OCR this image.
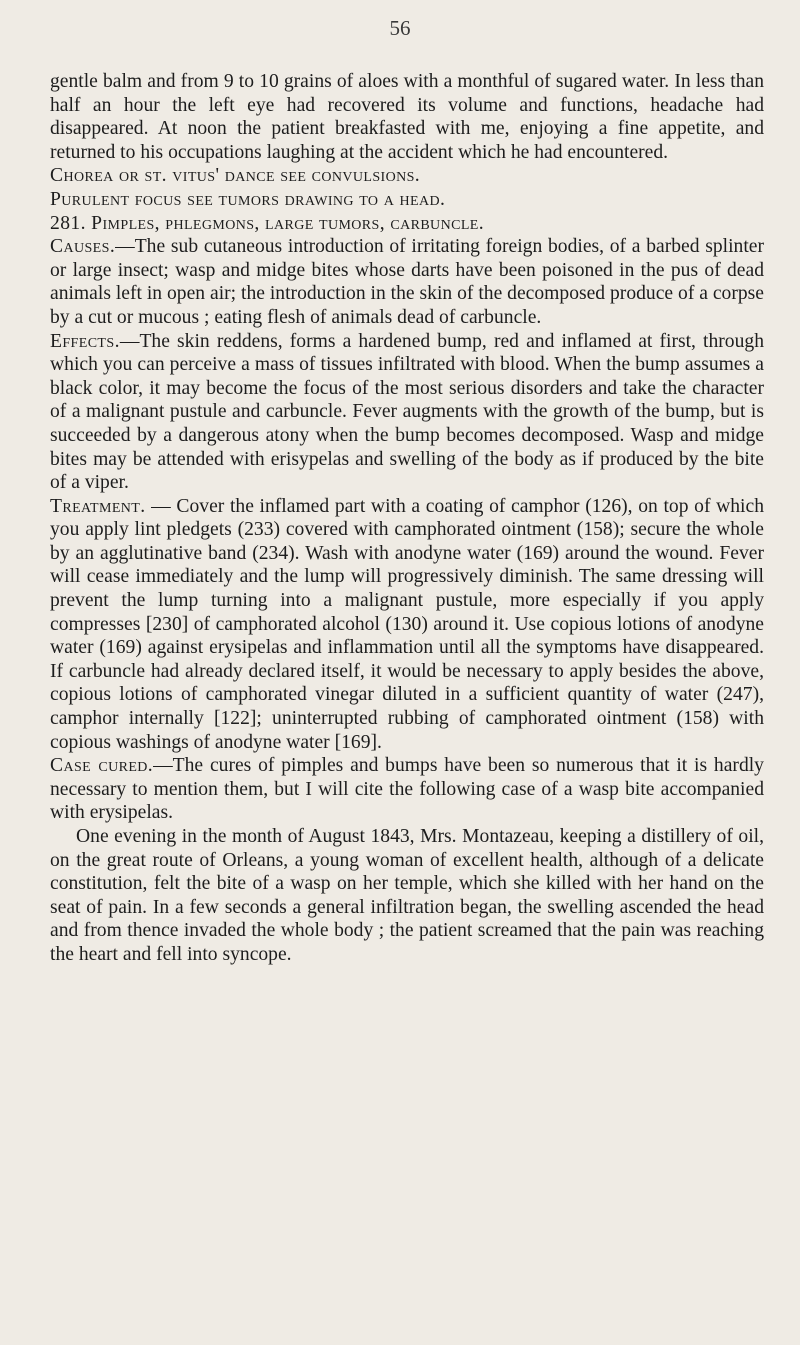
56

gentle balm and from 9 to 10 grains of aloes with a monthful of sugared water. In less than half an hour the left eye had recovered its volume and functions, headache had disappeared. At noon the patient breakfasted with me, enjoying a fine appetite, and returned to his occupations laughing at the accident which he had encountered.

Chorea or st. vitus' dance see convulsions.

Purulent focus see tumors drawing to a head.

281. Pimples, phlegmons, large tumors, carbuncle.

Causes.—The sub cutaneous introduction of irritating foreign bodies, of a barbed splinter or large insect; wasp and midge bites whose darts have been poisoned in the pus of dead animals left in open air; the introduction in the skin of the decomposed produce of a corpse by a cut or mucous ; eating flesh of animals dead of carbuncle.

Effects.—The skin reddens, forms a hardened bump, red and inflamed at first, through which you can perceive a mass of tissues infiltrated with blood. When the bump assumes a black color, it may become the focus of the most serious disorders and take the character of a malignant pustule and carbuncle. Fever augments with the growth of the bump, but is succeeded by a dangerous atony when the bump becomes decomposed. Wasp and midge bites may be attended with erisypelas and swelling of the body as if produced by the bite of a viper.

Treatment. — Cover the inflamed part with a coating of camphor (126), on top of which you apply lint pledgets (233) covered with camphorated ointment (158); secure the whole by an agglutinative band (234). Wash with anodyne water (169) around the wound. Fever will cease immediately and the lump will progressively diminish. The same dressing will prevent the lump turning into a malignant pustule, more especially if you apply compresses [230] of camphorated alcohol (130) around it. Use copious lotions of anodyne water (169) against erysipelas and inflammation until all the symptoms have disappeared. If carbuncle had already declared itself, it would be necessary to apply besides the above, copious lotions of camphorated vinegar diluted in a sufficient quantity of water (247), camphor internally [122]; uninterrupted rubbing of camphorated ointment (158) with copious washings of anodyne water [169].

Case cured.—The cures of pimples and bumps have been so numerous that it is hardly necessary to mention them, but I will cite the following case of a wasp bite accompanied with erysipelas.

One evening in the month of August 1843, Mrs. Montazeau, keeping a distillery of oil, on the great route of Orleans, a young woman of excellent health, although of a delicate constitution, felt the bite of a wasp on her temple, which she killed with her hand on the seat of pain. In a few seconds a general infiltration began, the swelling ascended the head and from thence invaded the whole body ; the patient screamed that the pain was reaching the heart and fell into syncope.
